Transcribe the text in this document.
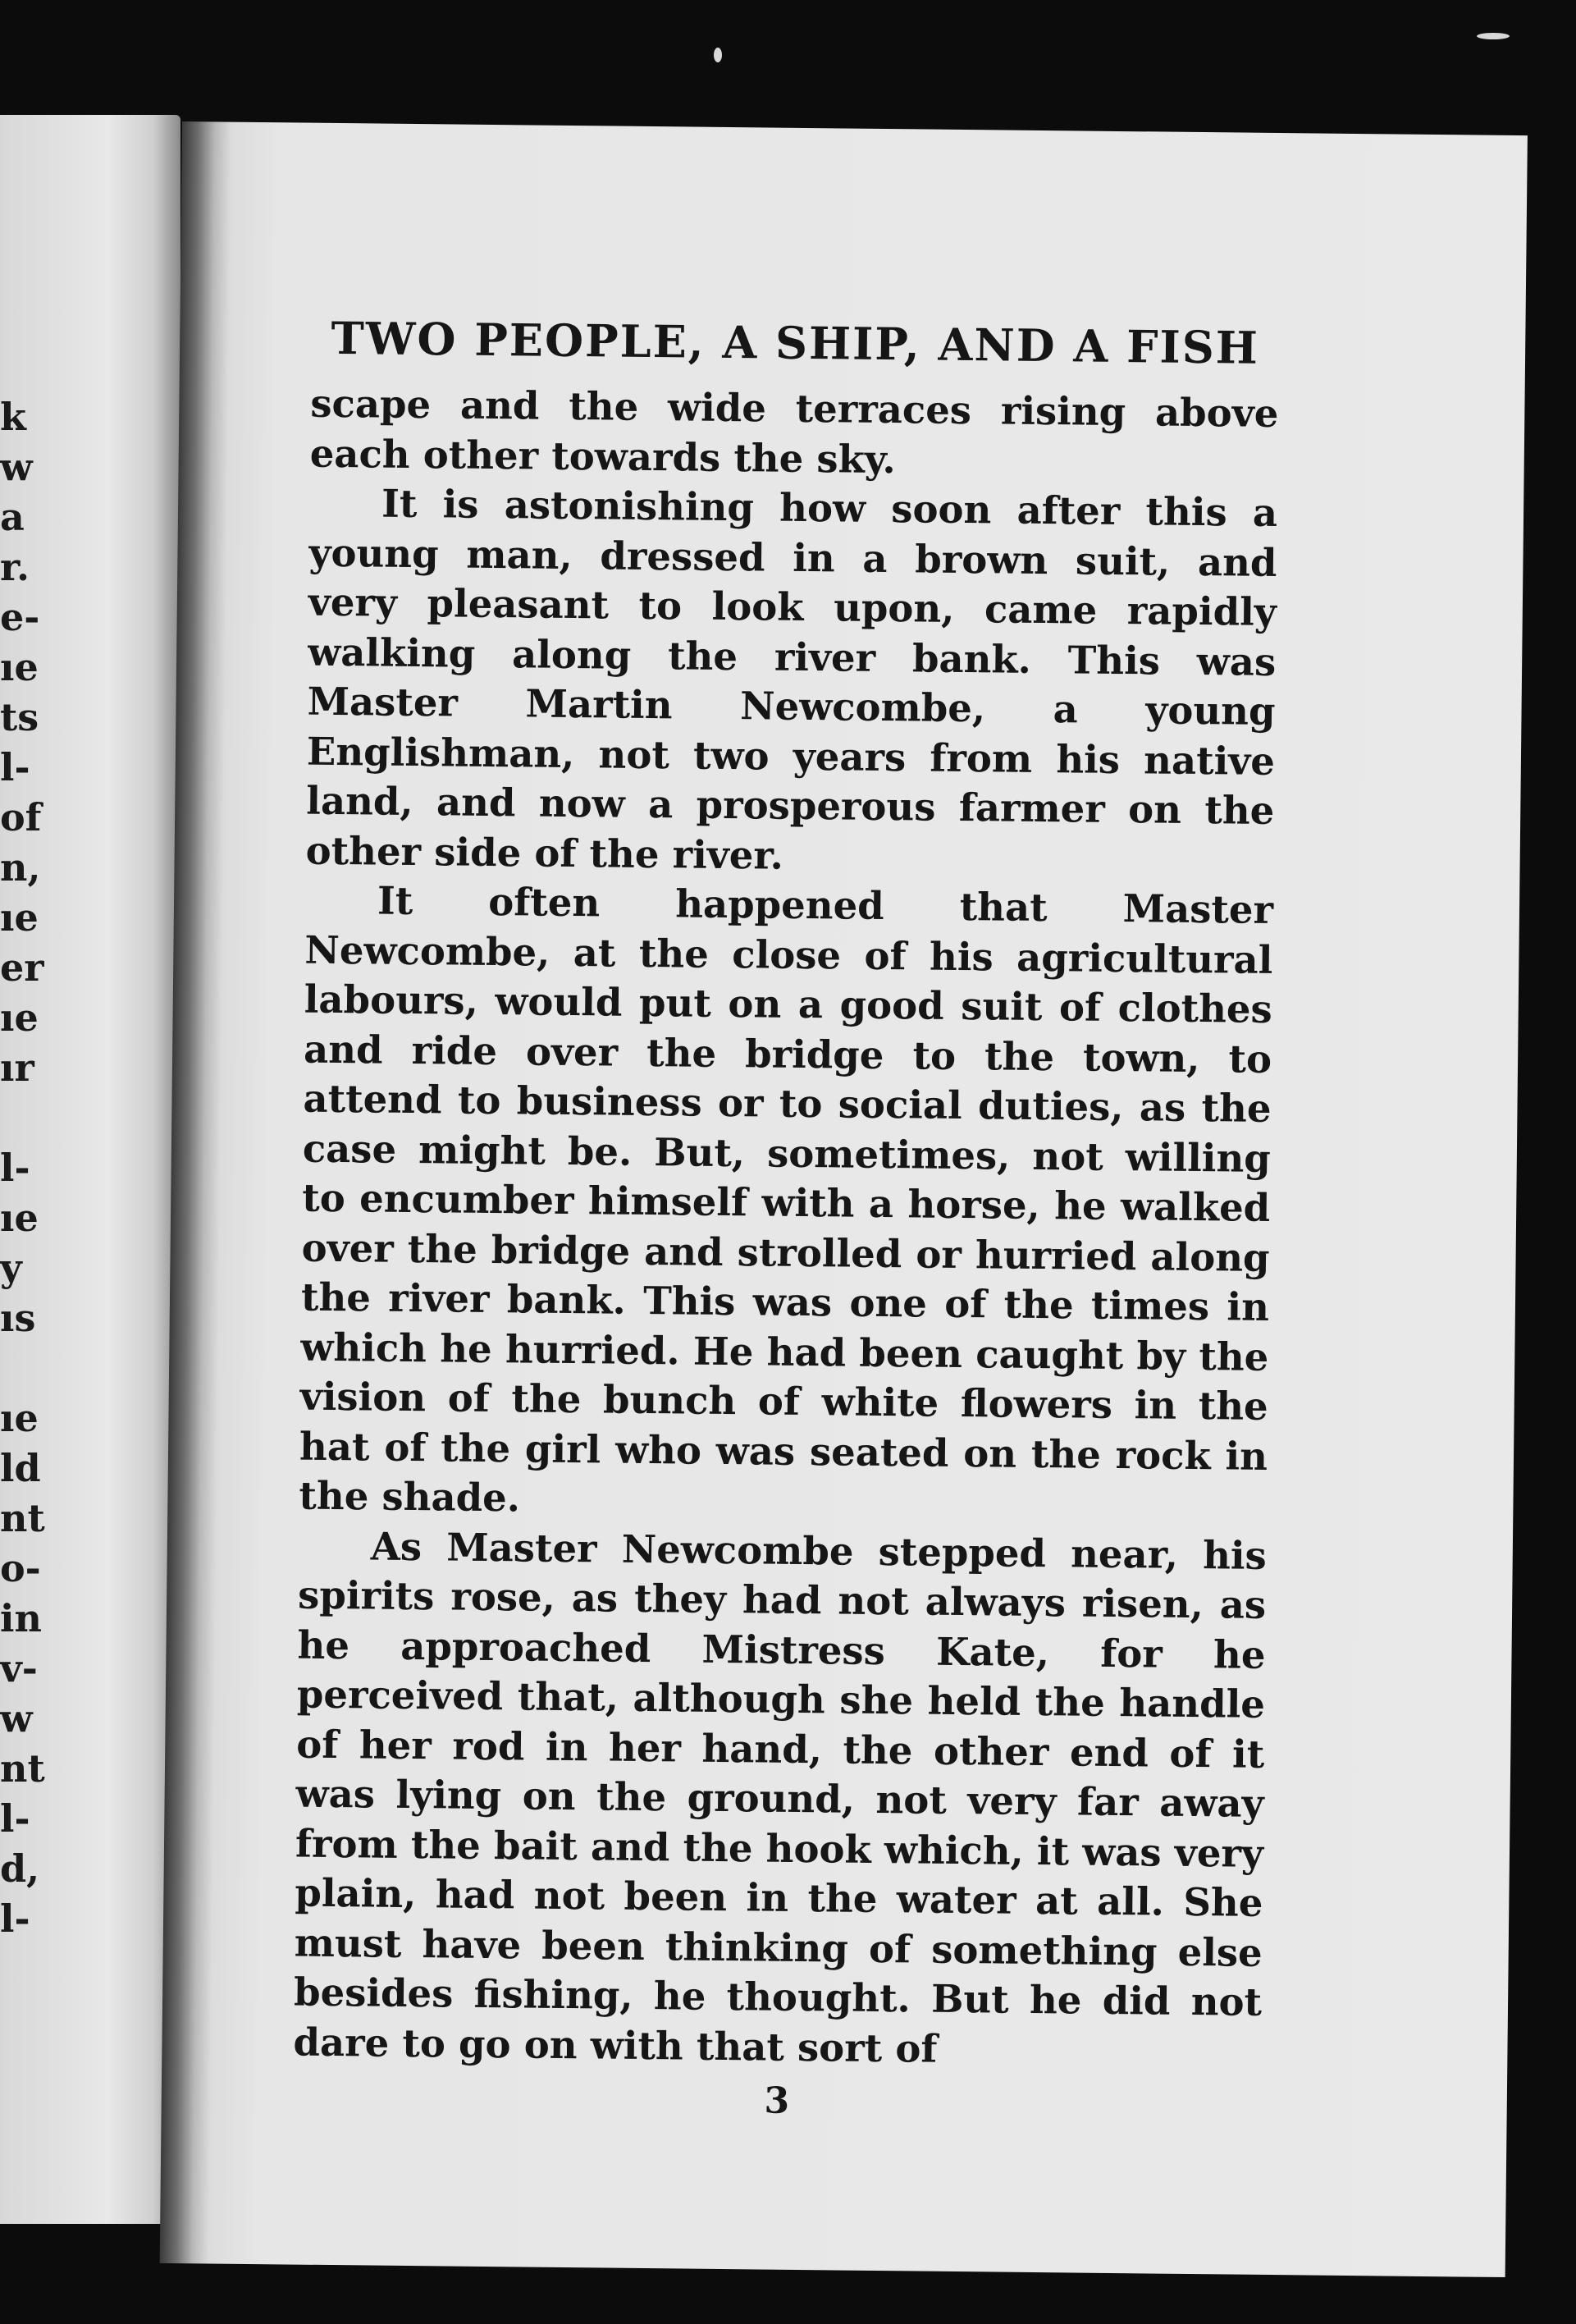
k
w
a
r.
e-
ıe
ts
l-
of
n,
ıe
er
ıe
ır
l-
ıe
y
ıs
ıe
ld
nt
o-
in
v-
w
nt
l-
d,
l-
TWO PEOPLE, A SHIP, AND A FISH

scape and the wide terraces rising above each other towards the sky.

It is astonishing how soon after this a young man, dressed in a brown suit, and very pleasant to look upon, came rapidly walking along the river bank. This was Master Martin Newcombe, a young Englishman, not two years from his native land, and now a prosperous farmer on the other side of the river.

It often happened that Master Newcombe, at the close of his agricultural labours, would put on a good suit of clothes and ride over the bridge to the town, to attend to business or to social duties, as the case might be. But, sometimes, not willing to encumber himself with a horse, he walked over the bridge and strolled or hurried along the river bank. This was one of the times in which he hurried. He had been caught by the vision of the bunch of white flowers in the hat of the girl who was seated on the rock in the shade.

As Master Newcombe stepped near, his spirits rose, as they had not always risen, as he approached Mistress Kate, for he perceived that, although she held the handle of her rod in her hand, the other end of it was lying on the ground, not very far away from the bait and the hook which, it was very plain, had not been in the water at all. She must have been thinking of something else besides fishing, he thought. But he did not dare to go on with that sort of

3
